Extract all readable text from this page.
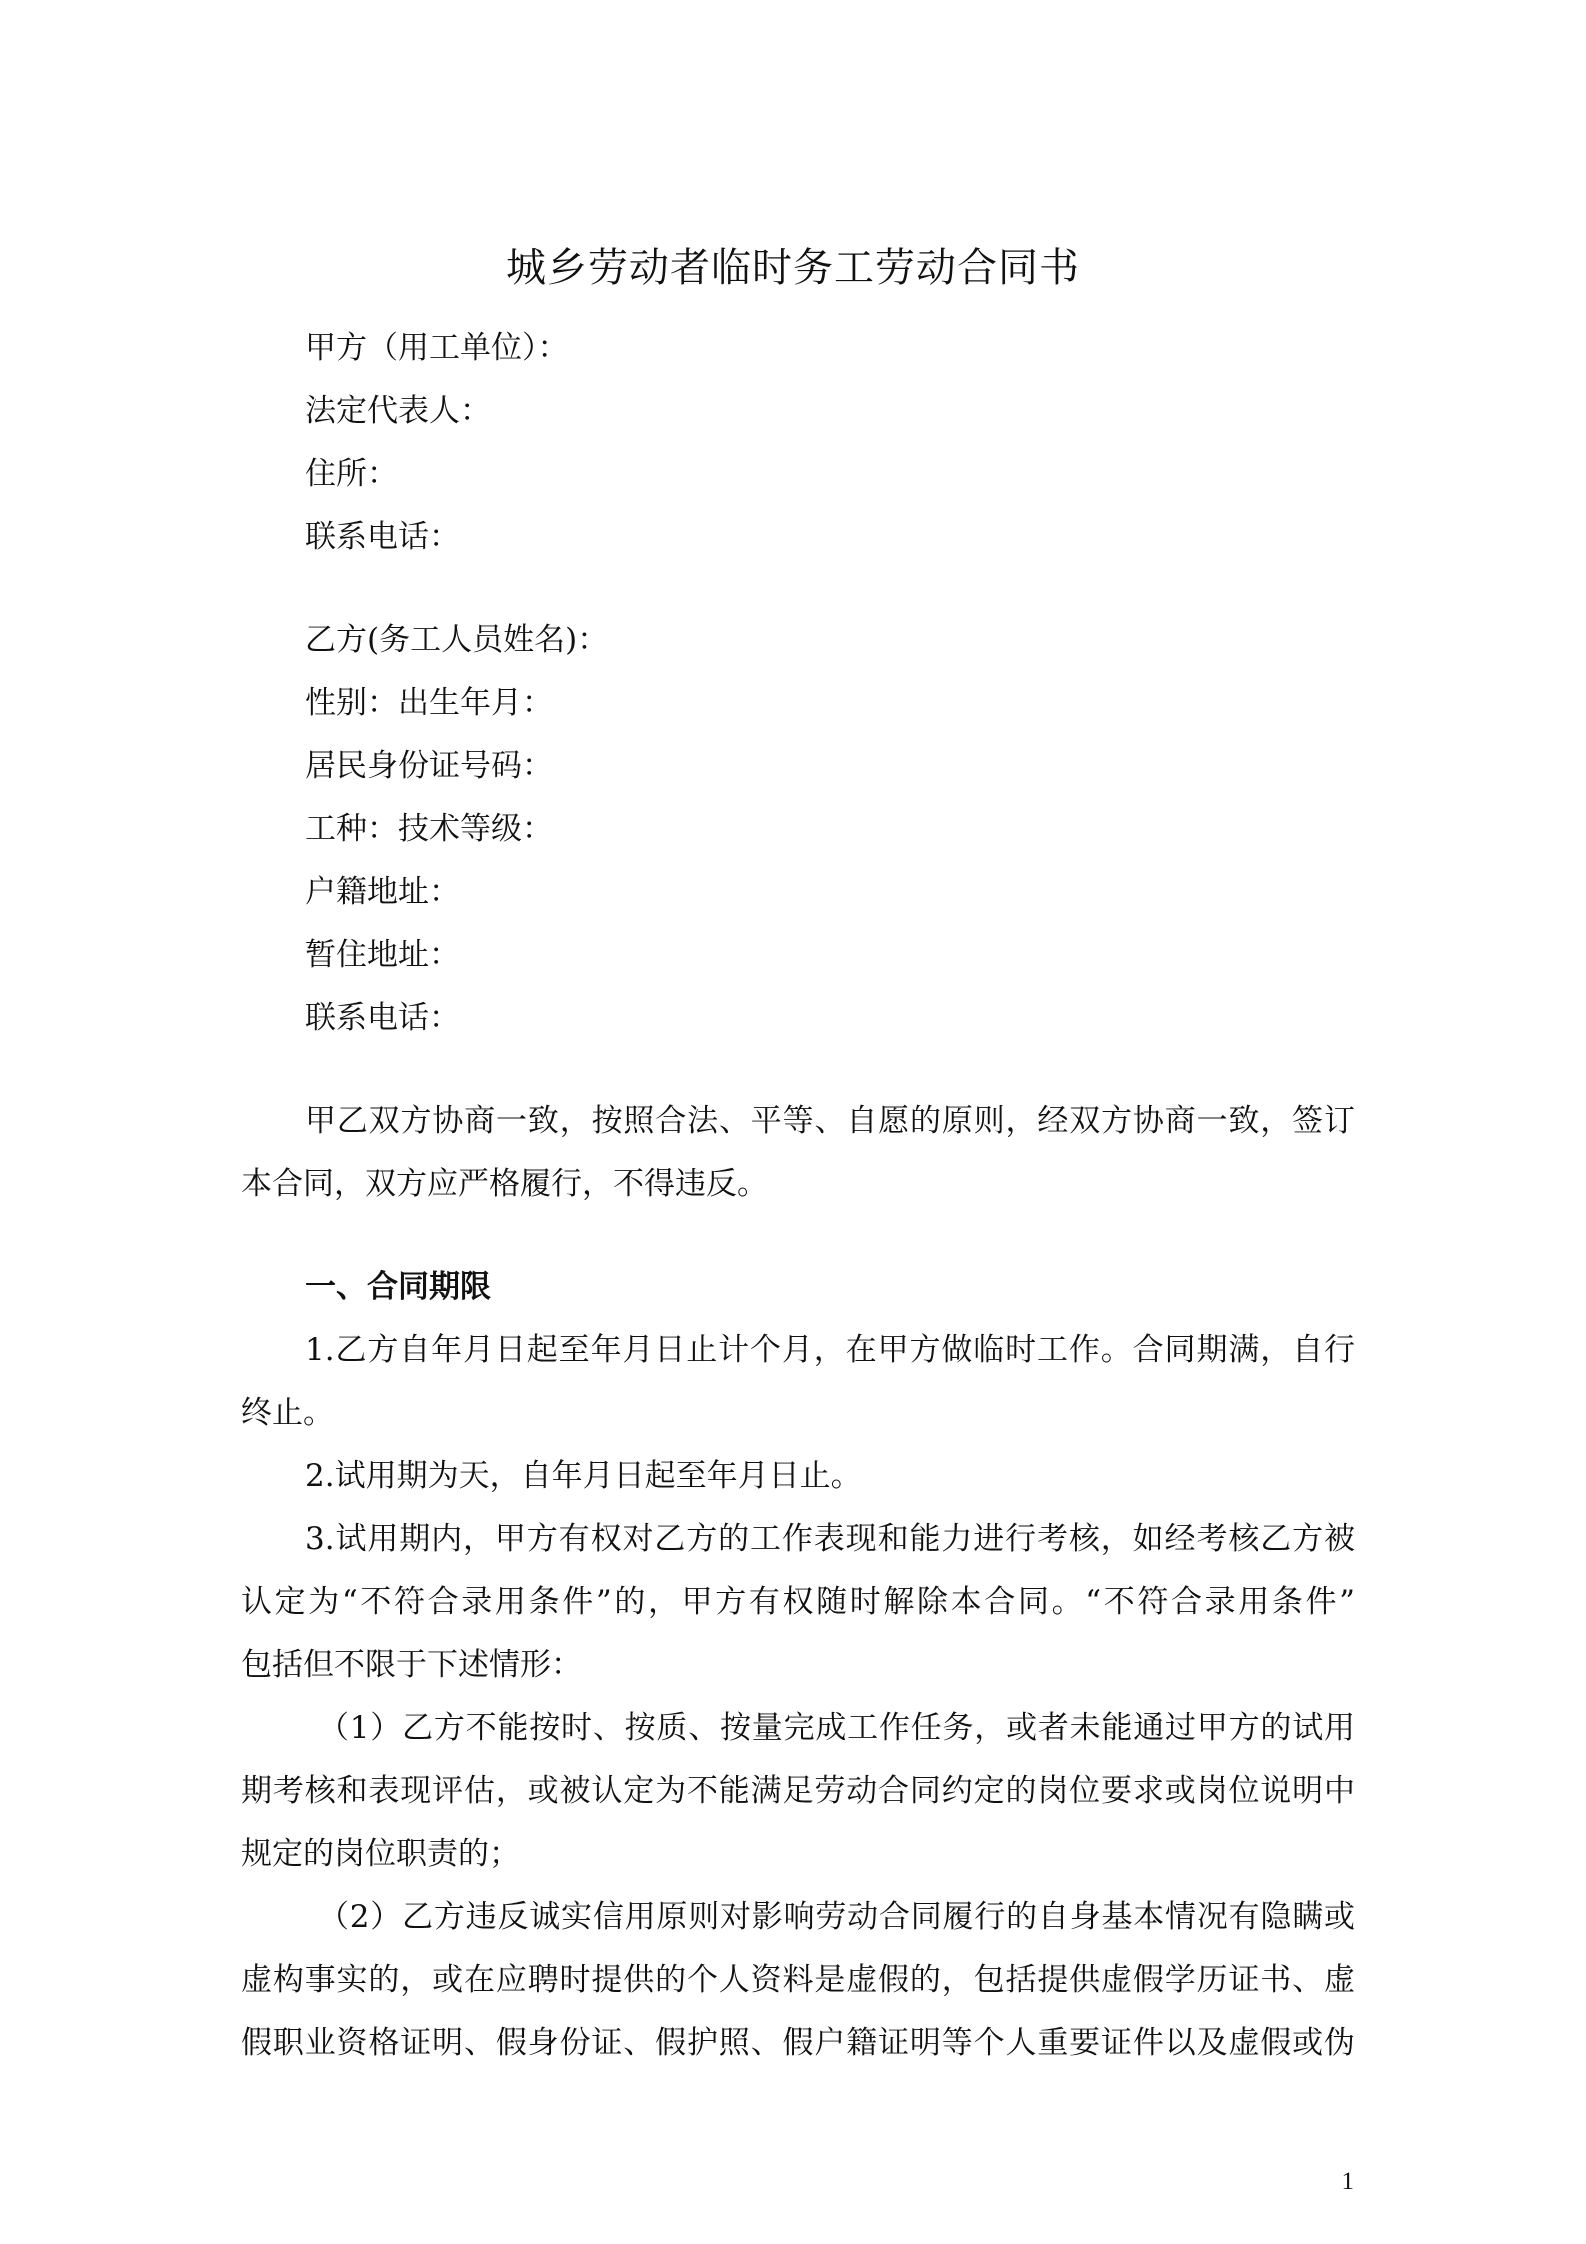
城乡劳动者临时务工劳动合同书
甲方（用工单位）：
法定代表人：
住所：
联系电话：
乙方(务工人员姓名)：
性别：出生年月：
居民身份证号码：
工种：技术等级：
户籍地址：
暂住地址：
联系电话：
甲乙双方协商一致，按照合法、平等、自愿的原则，经双方协商一致，签订
本合同，双方应严格履行，不得违反。
一、合同期限
1.乙方自年月日起至年月日止计个月，在甲方做临时工作。合同期满，自行
终止。
2.试用期为天，自年月日起至年月日止。
3.试用期内，甲方有权对乙方的工作表现和能力进行考核，如经考核乙方被
认定为“不符合录用条件”的，甲方有权随时解除本合同。“不符合录用条件”
包括但不限于下述情形：
（1）乙方不能按时、按质、按量完成工作任务，或者未能通过甲方的试用
期考核和表现评估，或被认定为不能满足劳动合同约定的岗位要求或岗位说明中
规定的岗位职责的；
（2）乙方违反诚实信用原则对影响劳动合同履行的自身基本情况有隐瞒或
虚构事实的，或在应聘时提供的个人资料是虚假的，包括提供虚假学历证书、虚
假职业资格证明、假身份证、假护照、假户籍证明等个人重要证件以及虚假或伪
1
